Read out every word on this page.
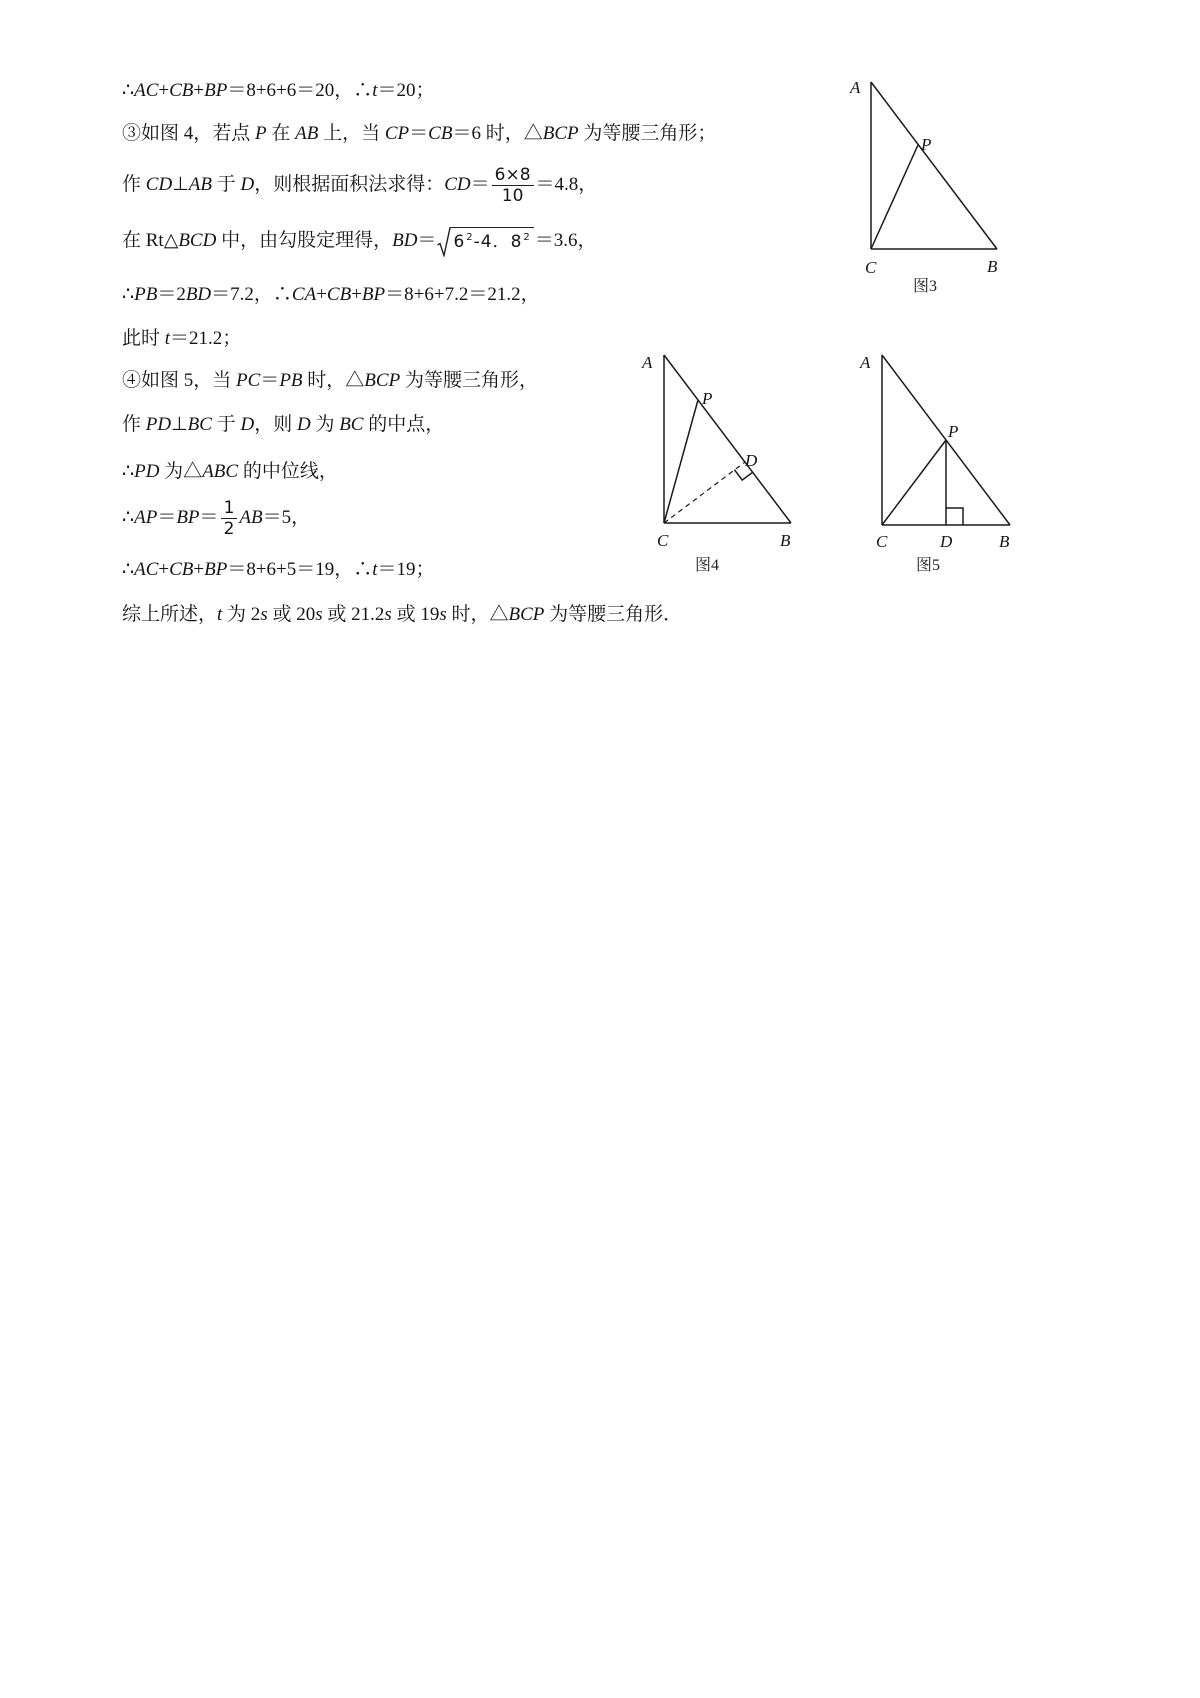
∴AC+CB+BP＝8+6+6＝20，∴t＝20；
③如图 4，若点 P 在 AB 上，当 CP＝CB＝6 时，△BCP 为等腰三角形；
作 CD⊥AB 于 D，则根据面积法求得：$CD= \frac{6\times 8}{10} =4.8$，
在 Rt△BCD 中，由勾股定理得，$BD= 6^2-4$．$8^2 =3.6$，
∴PB＝2BD＝7.2，∴CA+CB+BP＝8+6+7.2＝21.2，
此时 t＝21.2；
④如图 5，当 PC＝PB 时，△BCP 为等腰三角形，
作 PD⊥BC 于 D，则 D 为 BC 的中点，
∴PD 为△ABC 的中位线，
∴AP＝BP＝ $\frac{1}{2} AB=5$，
∴AC+CB+BP＝8+6+5＝19，∴t＝19；
综上所述，t 为 2s 或 20s 或 21.2s 或 19s 时，△BCP 为等腰三角形．
A
P
C	B
图3
A
P
D
C	B
图4
A
P
C	D	B
图5
